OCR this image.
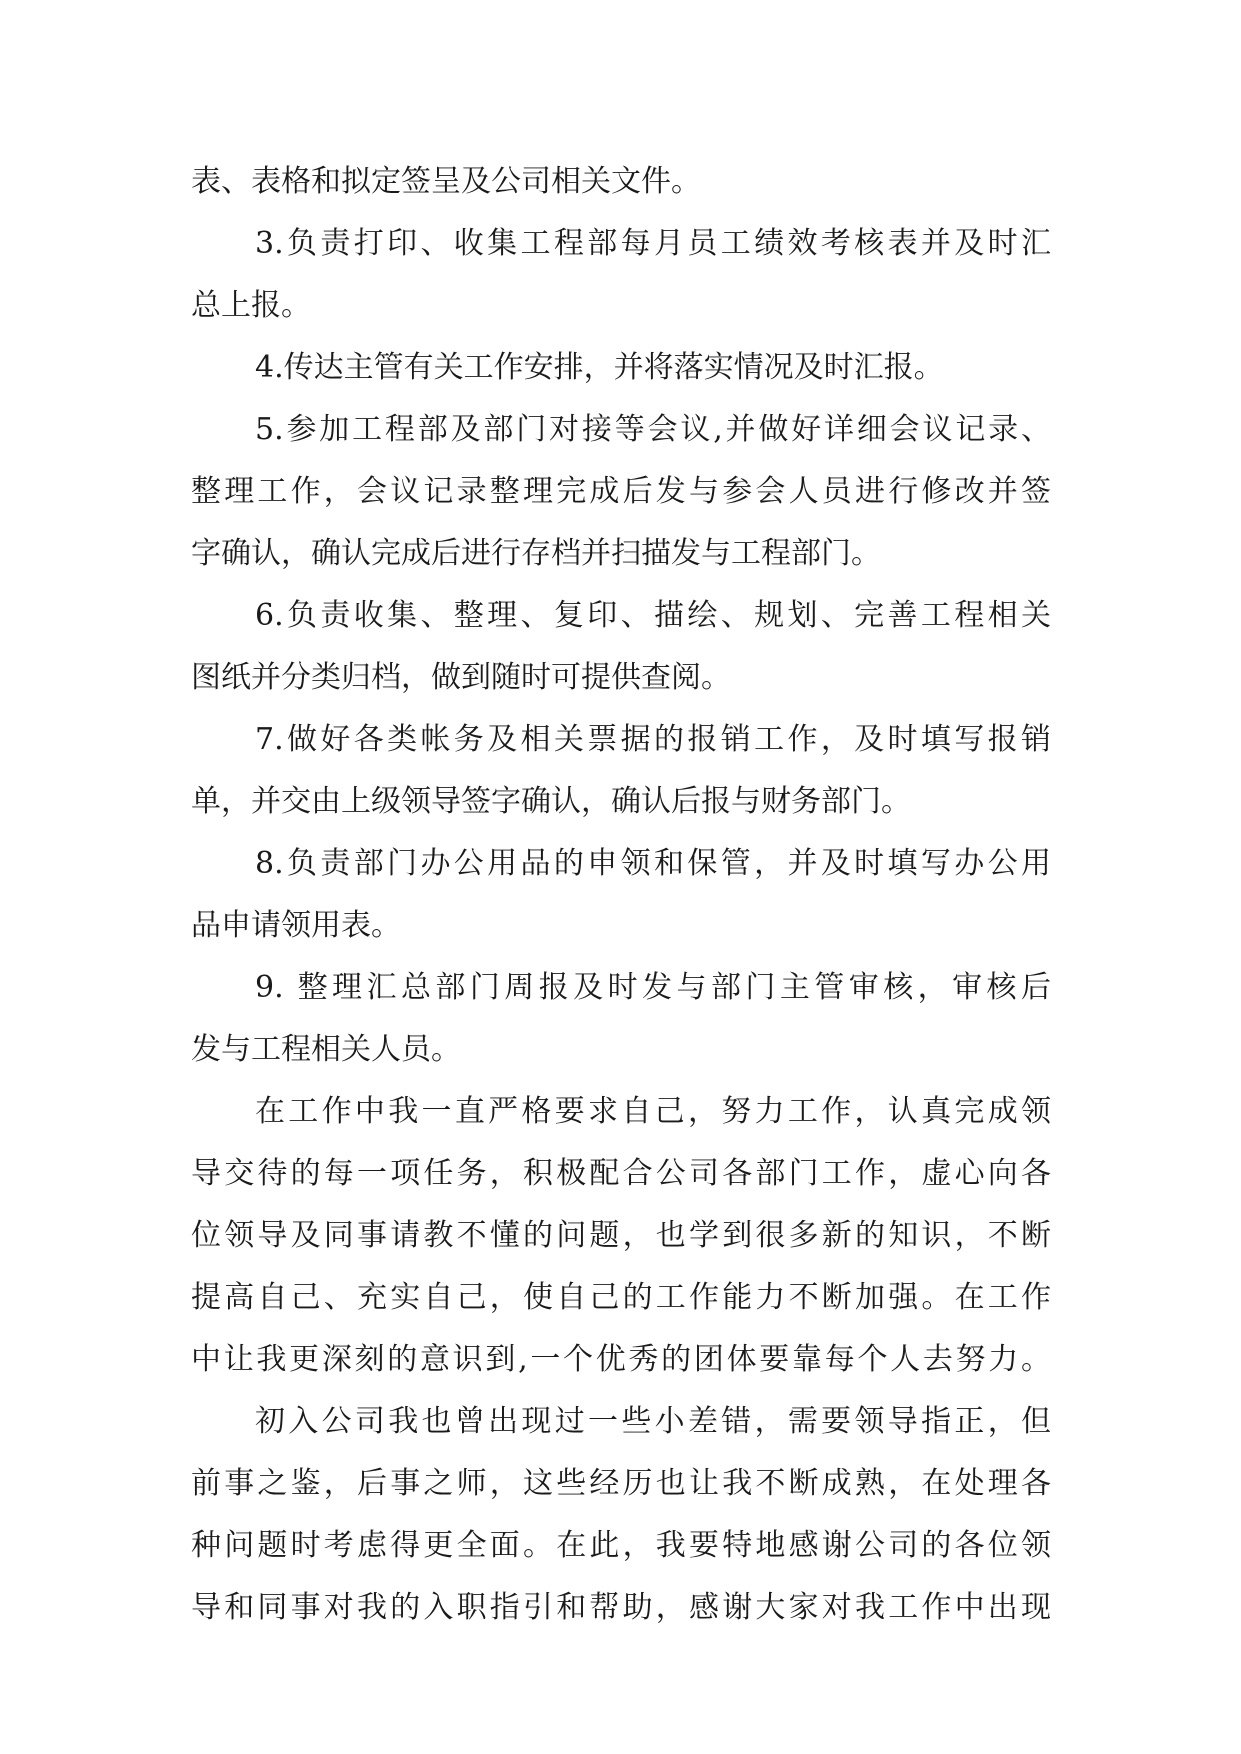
表、表格和拟定签呈及公司相关文件。
3.负责打印、收集工程部每月员工绩效考核表并及时汇
总上报。
4.传达主管有关工作安排，并将落实情况及时汇报。
5.参加工程部及部门对接等会议,并做好详细会议记录、
整理工作，会议记录整理完成后发与参会人员进行修改并签
字确认，确认完成后进行存档并扫描发与工程部门。
6.负责收集、整理、复印、描绘、规划、完善工程相关
图纸并分类归档，做到随时可提供查阅。
7.做好各类帐务及相关票据的报销工作，及时填写报销
单，并交由上级领导签字确认，确认后报与财务部门。
8.负责部门办公用品的申领和保管，并及时填写办公用
品申请领用表。
9. 整理汇总部门周报及时发与部门主管审核，审核后
发与工程相关人员。
在工作中我一直严格要求自己，努力工作，认真完成领
导交待的每一项任务，积极配合公司各部门工作，虚心向各
位领导及同事请教不懂的问题，也学到很多新的知识，不断
提高自己、充实自己，使自己的工作能力不断加强。在工作
中让我更深刻的意识到,一个优秀的团体要靠每个人去努力。
初入公司我也曾出现过一些小差错，需要领导指正，但
前事之鉴，后事之师，这些经历也让我不断成熟，在处理各
种问题时考虑得更全面。在此，我要特地感谢公司的各位领
导和同事对我的入职指引和帮助，感谢大家对我工作中出现
